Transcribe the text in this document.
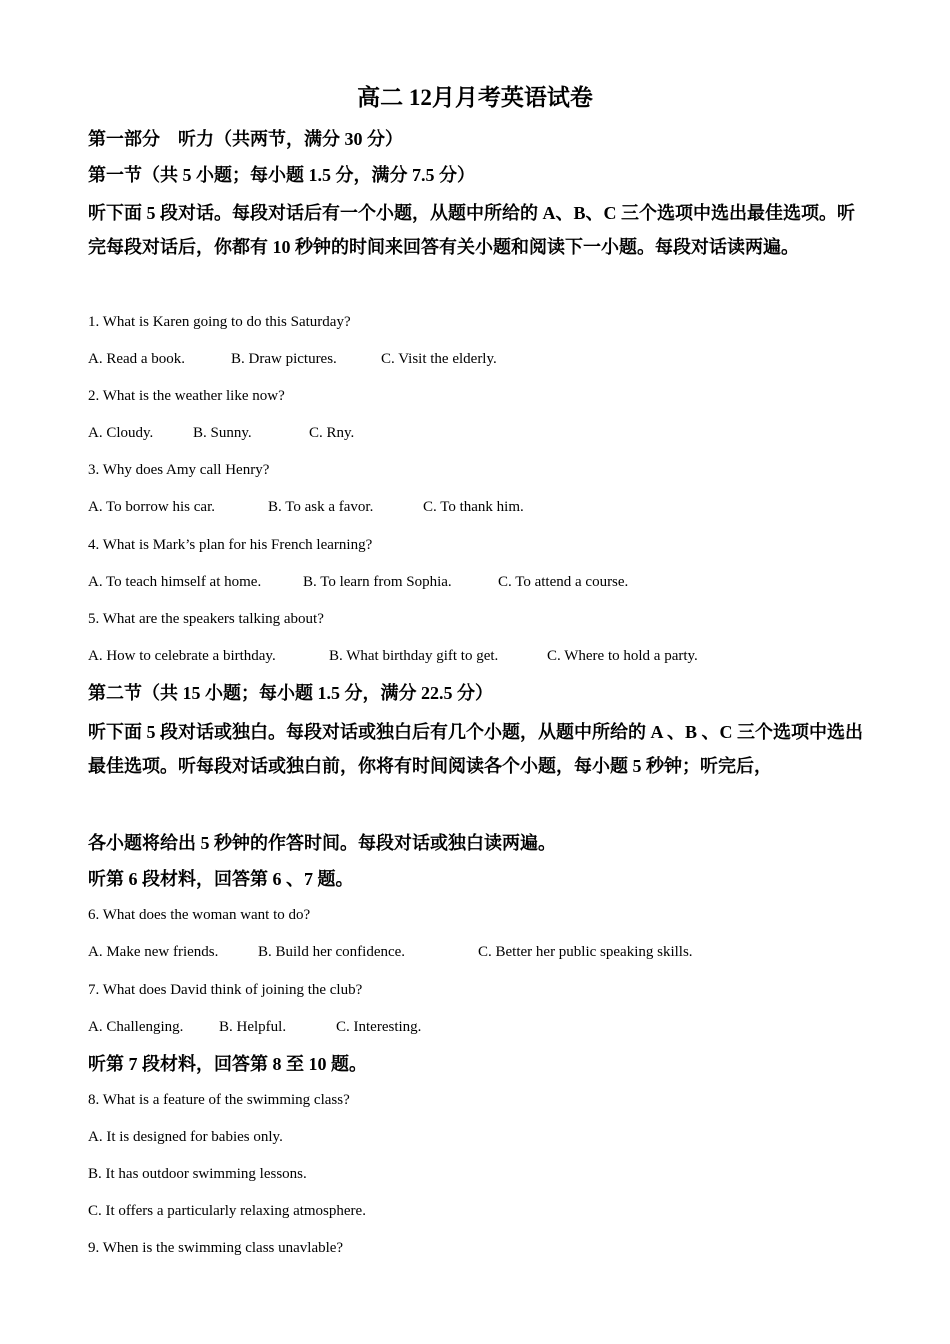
高二 12月月考英语试卷
第一部分　听力（共两节，满分 30 分）
第一节（共 5 小题；每小题 1.5 分，满分 7.5 分）
听下面 5 段对话。每段对话后有一个小题，从题中所给的 A、B、C 三个选项中选出最佳选项。听完每段对话后，你都有 10 秒钟的时间来回答有关小题和阅读下一小题。每段对话读两遍。
1. What is Karen going to do this Saturday?
A. Read a book.	B. Draw pictures.	C. Visit the elderly.
2. What is the weather like now?
A. Cloudy.	B. Sunny.	C. Rny.
3. Why does Amy call Henry?
A. To borrow his car.	B. To ask a favor.	C. To thank him.
4. What is Mark’s plan for his French learning?
A. To teach himself at home.	B. To learn from Sophia.	C. To attend a course.
5. What are the speakers talking about?
A. How to celebrate a birthday.	B. What birthday gift to get.	C. Where to hold a party.
第二节（共 15 小题；每小题 1.5 分，满分 22.5 分）
听下面 5 段对话或独白。每段对话或独白后有几个小题，从题中所给的 A 、B 、C 三个选项中选出最佳选项。听每段对话或独白前，你将有时间阅读各个小题，每小题 5 秒钟；听完后，
各小题将给出 5 秒钟的作答时间。每段对话或独白读两遍。
听第 6 段材料，回答第 6 、7 题。
6. What does the woman want to do?
A. Make new friends.	B. Build her confidence.	C. Better her public speaking skills.
7. What does David think of joining the club?
A. Challenging.	B. Helpful.	C. Interesting.
听第 7 段材料，回答第 8 至 10 题。
8. What is a feature of the swimming class?
A. It is designed for babies only.
B. It has outdoor swimming lessons.
C. It offers a particularly relaxing atmosphere.
9. When is the swimming class unavlable?
